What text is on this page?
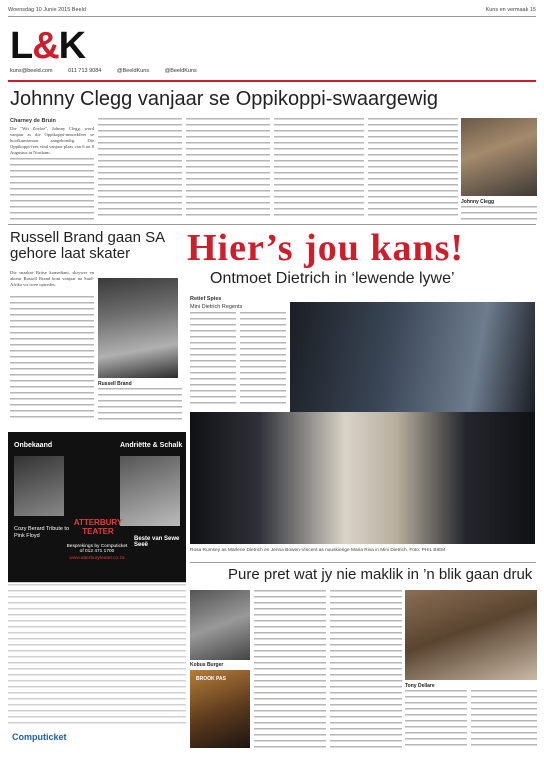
Woensdag 10 Junie 2015 Beeld	Kuns en vermaak 15
L&K
kuns@beeld.com	011 713 9084	@BeeldKuns	@BeeldKuns
Johnny Clegg vanjaar se Oppikoppi-swaargewig
Charney de Bruin
Die "Wit Zoeloe", Johnny Clegg, word vanjaar as die Oppikoppi-musiekfees se hoofkunstenaar aangekondig. Die Oppikoppi-fees vind vanjaar plaas van 6 tot 8 Augustus in Northam.
Johnny Clegg
Russell Brand gaan SA gehore laat skater
Die snaakse Britse komediant, skrywer en akteur Russell Brand kom vanjaar na Suid-Afrika vir twee optredes.
Russell Brand
Hier’s jou kans!
Ontmoet Dietrich in ‘lewende lywe’
Retief Spies
Mini Dietrich Regents
Rosa Rumsey as Marlene Dietrich en Jenna Bowen-Vincent as nuuskierige Maria Riva in Mini Dietrich. Foto: PHIL BIEM
Onbekaand	Andriëtte & Schalk
Cozy Berard Tribute to Pink Floyd
ATTERBURY TEATER
Besprekings by Computicket of 012 471 1700
www.atterburyteater.co.za
Beste van Sewe Seeë
Computicket
Pure pret wat jy nie maklik in ’n blik gaan druk
Kobus Burger
BROOK PAS
Tony Dellare
